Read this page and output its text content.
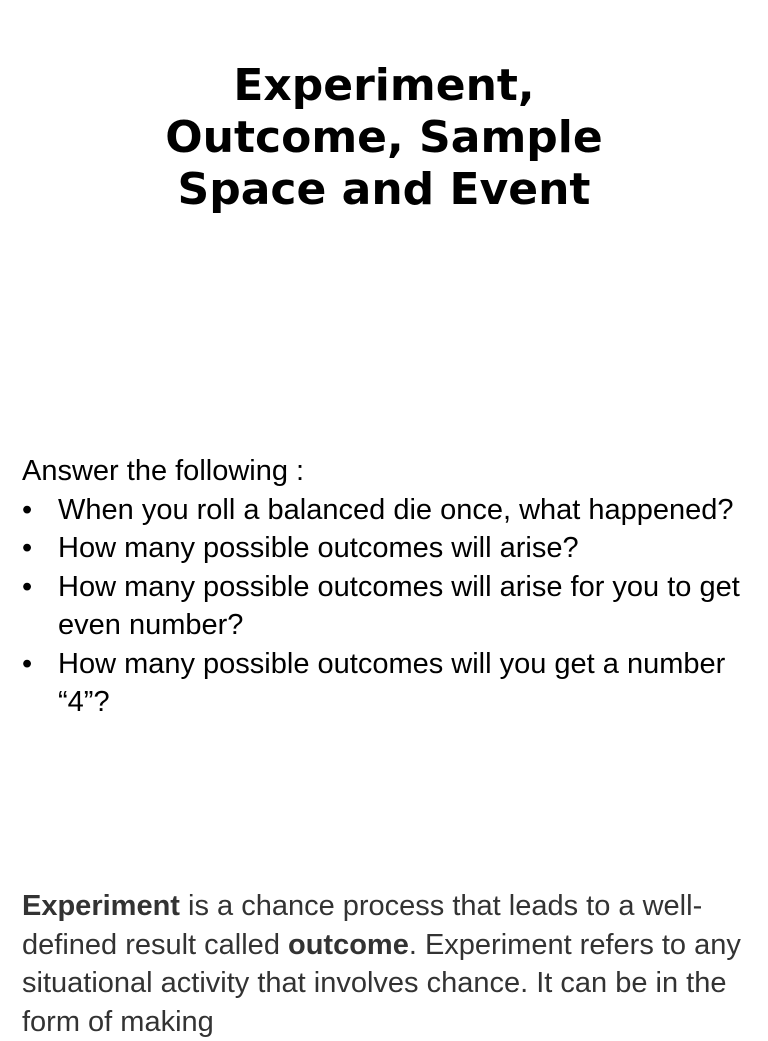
Experiment,
Outcome, Sample
Space and Event
Answer the following :
• When you roll a balanced die once, what happened?
• How many possible outcomes will arise?
• How many possible outcomes will arise for you to get even number?
• How many possible outcomes will you get a number “4”?

Experiment is a chance process that leads to a well-defined result called outcome. Experiment refers to any situational activity that involves chance. It can be in the form of making
